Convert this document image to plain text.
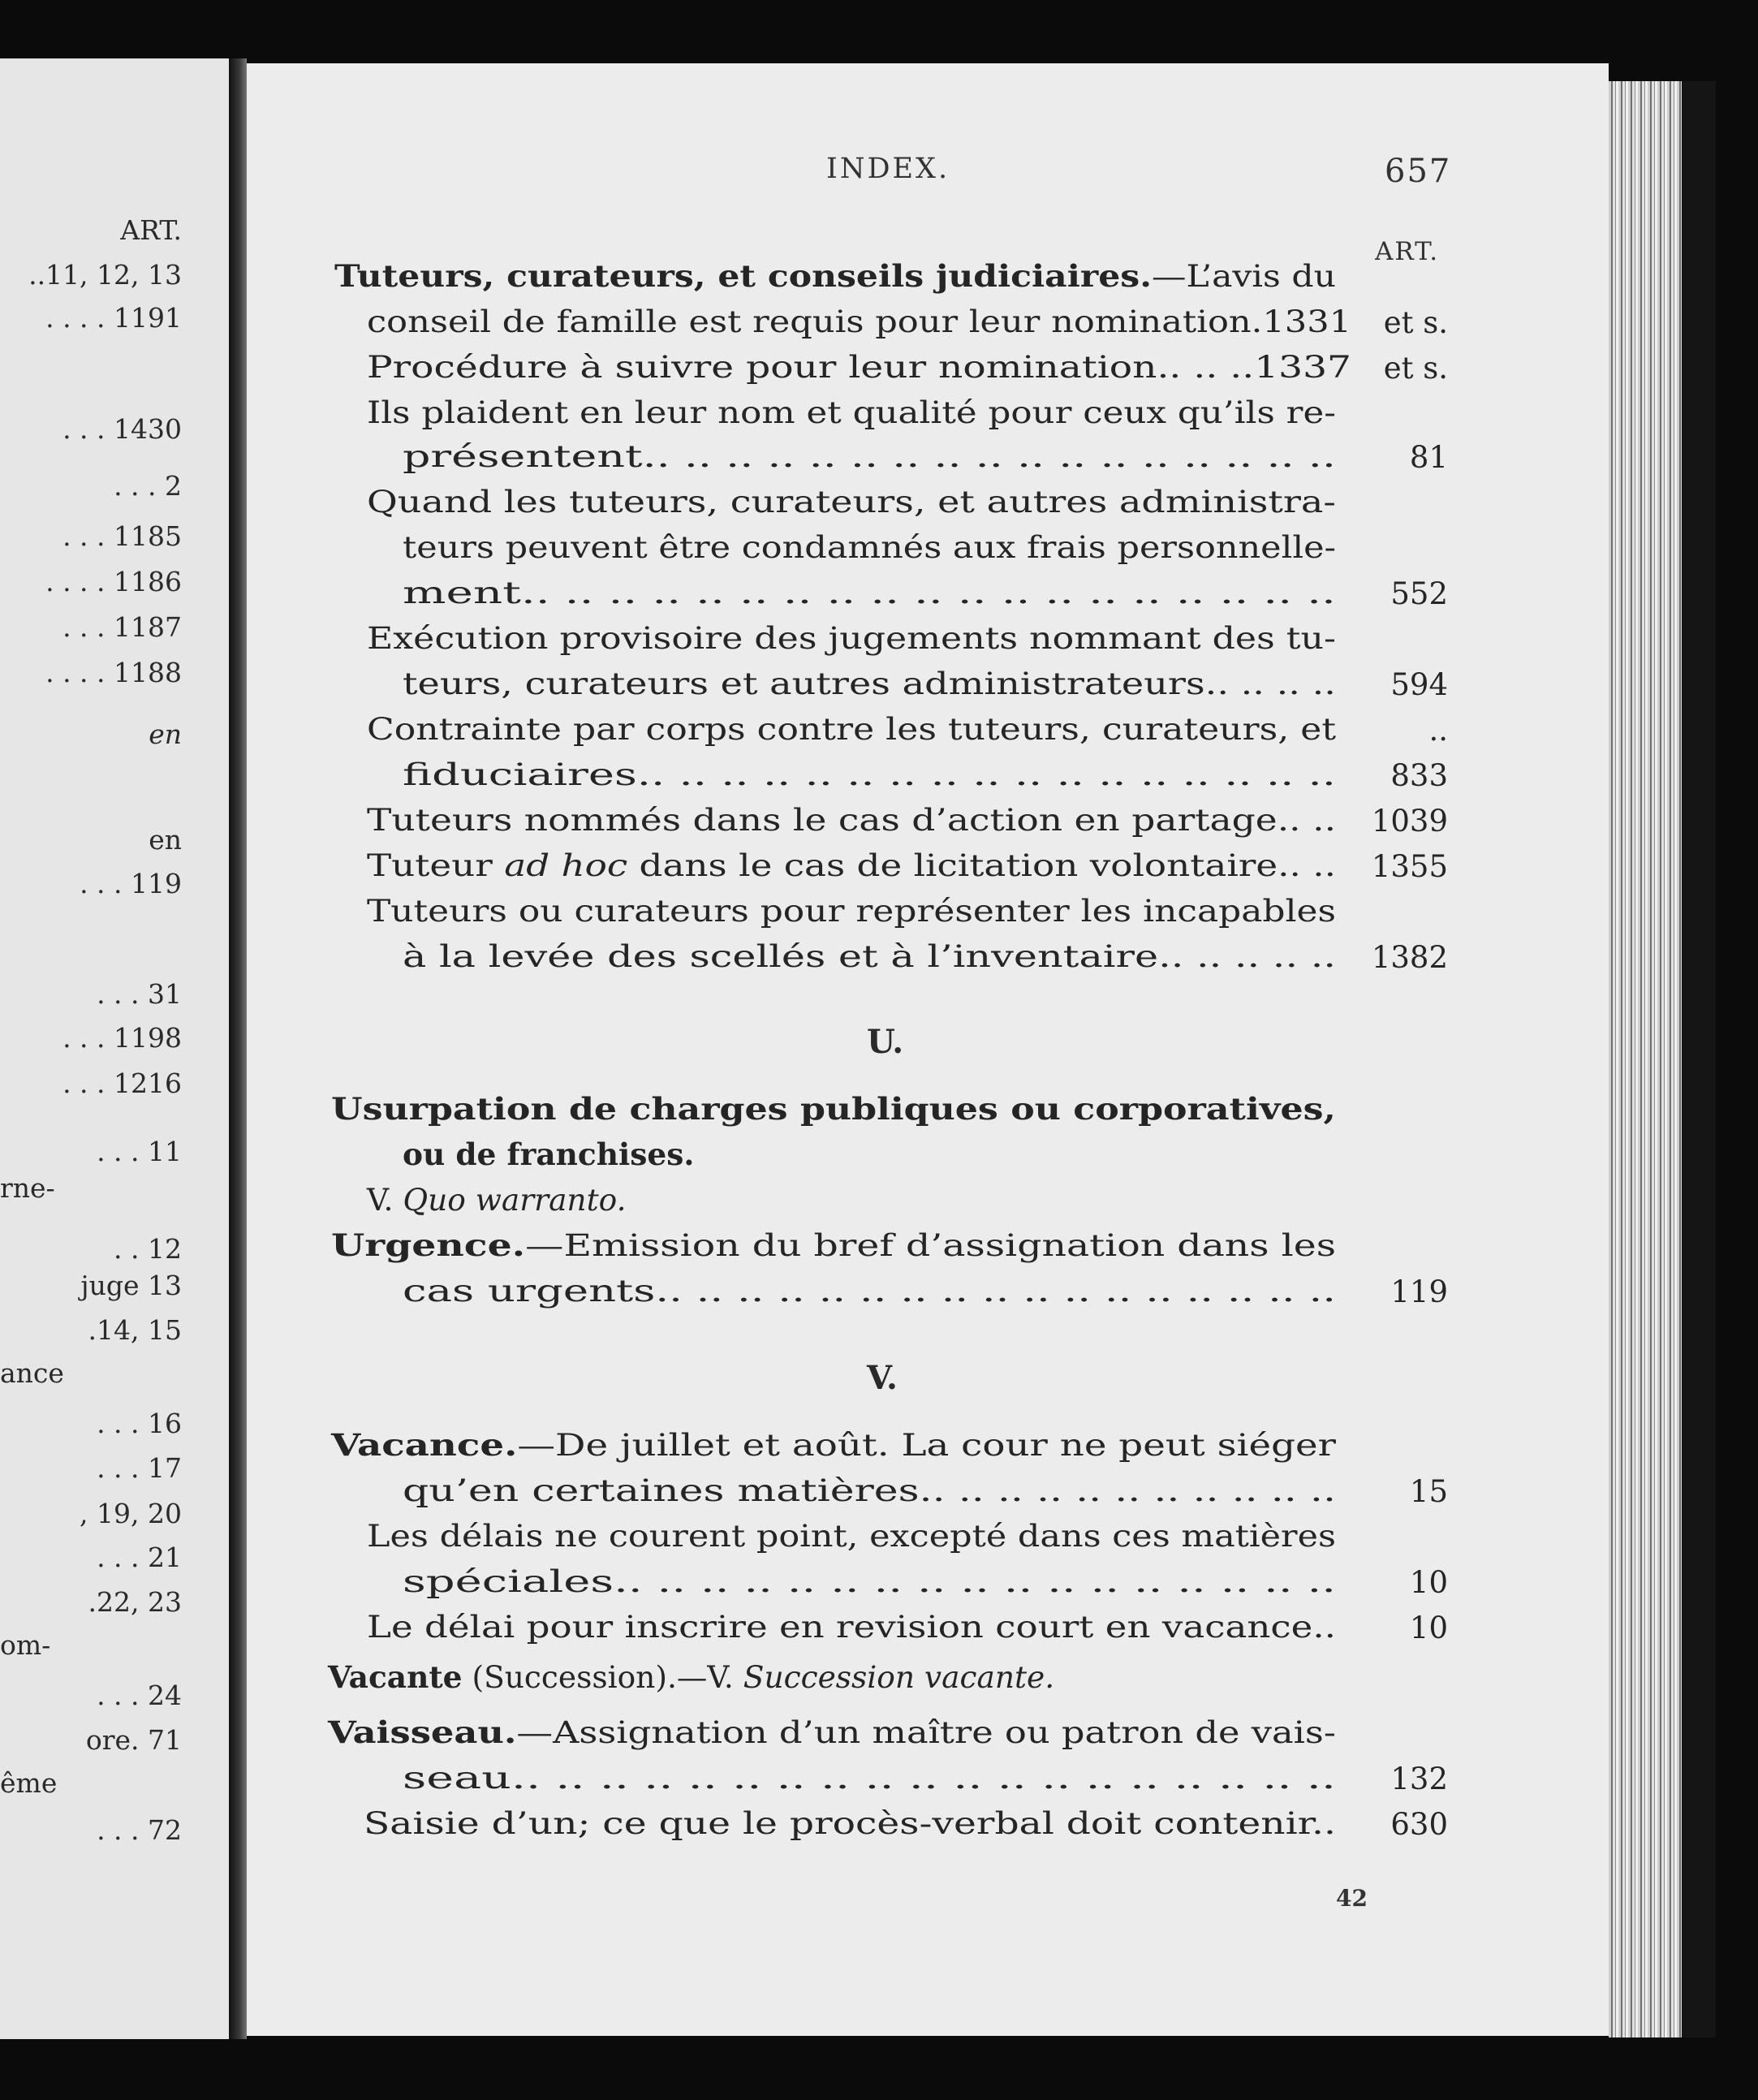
ART.
..11, 12, 13
. . . . 1191
. . . 1430
. . . 2
. . . 1185
. . . . 1186
. . . 1187
. . . . 1188
en
en
. . . 119
. . . 31
. . . 1198
. . . 1216
. . . 11
rne-
. . 12
juge 13
.14, 15
ance
. . . 16
. . . 17
, 19, 20
. . . 21
.22, 23
om-
. . . 24
ore. 71
ême
. . . 72
INDEX.	657
ART.
Tuteurs, curateurs, et conseils judiciaires.—L’avis du
conseil de famille est requis pour leur nomination.1331 et s.
Procédure à suivre pour leur nomination.. .. ..1337 et s.
Ils plaident en leur nom et qualité pour ceux qu’ils re-
présentent.. .. .. .. .. .. .. .. .. .. .. .. .. .. .. .. .. 81
Quand les tuteurs, curateurs, et autres administra-
teurs peuvent être condamnés aux frais personnelle-
ment.. .. .. .. .. .. .. .. .. .. .. .. .. .. .. .. .. .. .. 552
Exécution provisoire des jugements nommant des tu-
teurs, curateurs et autres administrateurs.. .. .. .. 594
Contrainte par corps contre les tuteurs, curateurs, et	..
fiduciaires.. .. .. .. .. .. .. .. .. .. .. .. .. .. .. .. .. 833
Tuteurs nommés dans le cas d’action en partage.. .. 1039
Tuteur ad hoc dans le cas de licitation volontaire.. .. 1355
Tuteurs ou curateurs pour représenter les incapables
à la levée des scellés et à l’inventaire.. .. .. .. .. 1382
Usurpation de charges publiques ou corporatives,
ou de franchises.
V. Quo warranto.
Urgence.—Emission du bref d’assignation dans les
cas urgents.. .. .. .. .. .. .. .. .. .. .. .. .. .. .. .. .. 119
Vacance.—De juillet et août. La cour ne peut siéger
qu’en certaines matières.. .. .. .. .. .. .. .. .. .. .. 15
Les délais ne courent point, excepté dans ces matières
spéciales.. .. .. .. .. .. .. .. .. .. .. .. .. .. .. .. .. 10
Le délai pour inscrire en revision court en vacance.. 10
Vacante (Succession).—V. Succession vacante.
Vaisseau.—Assignation d’un maître ou patron de vais-
seau.. .. .. .. .. .. .. .. .. .. .. .. .. .. .. .. .. .. .. 132
Saisie d’un; ce que le procès-verbal doit contenir.. 630
U.
V.
42
